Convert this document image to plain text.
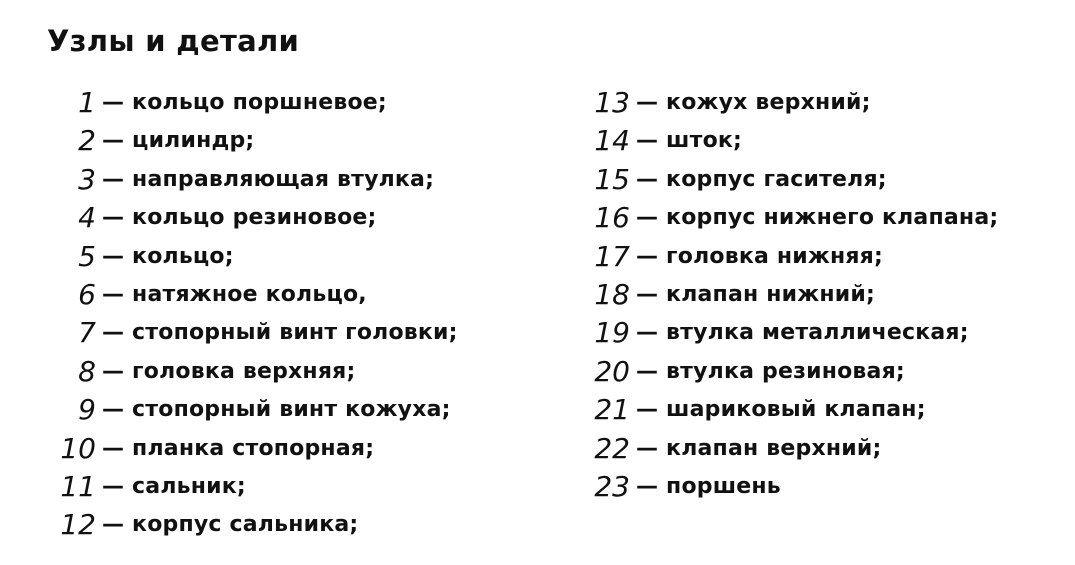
Узлы и детали
1 — кольцо поршневое;
2 — цилиндр;
3 — направляющая втулка;
4 — кольцо резиновое;
5 — кольцо;
6 — натяжное кольцо,
7 — стопорный винт головки;
8 — головка верхняя;
9 — стопорный винт кожуха;
10 — планка стопорная;
11 — сальник;
12 — корпус сальника;
13 — кожух верхний;
14 — шток;
15 — корпус гасителя;
16 — корпус нижнего клапана;
17 — головка нижняя;
18 — клапан нижний;
19 — втулка металлическая;
20 — втулка резиновая;
21 — шариковый клапан;
22 — клапан верхний;
23 — поршень
